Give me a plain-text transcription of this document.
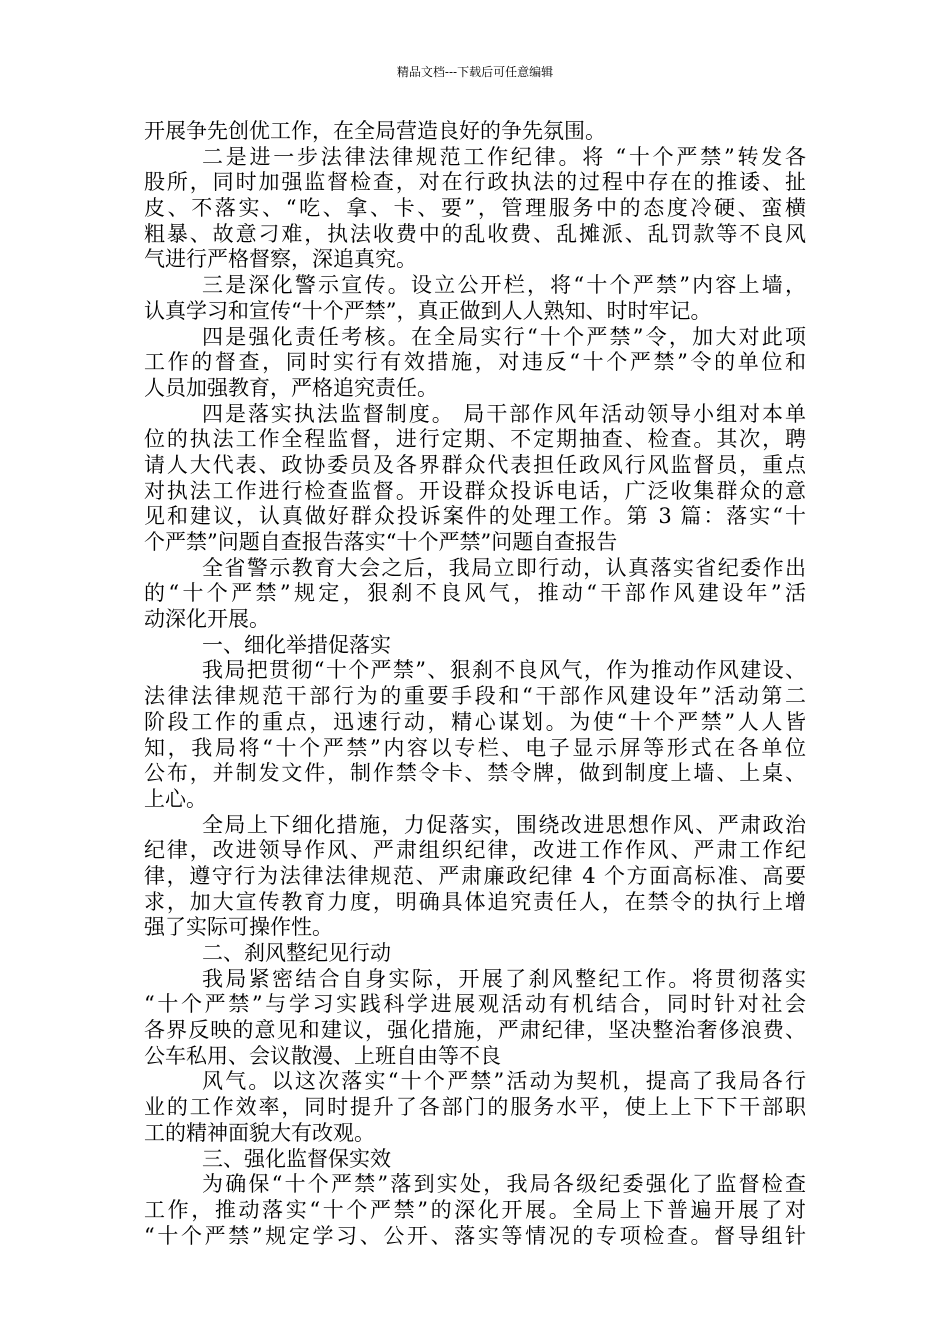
精品文档---下载后可任意编辑
开展争先创优工作，在全局营造良好的争先氛围。
二是进一步法律法律规范工作纪律。将 “十个严禁”转发各
股所，同时加强监督检查，对在行政执法的过程中存在的推诿、扯
皮、不落实、“吃、拿、卡、要”，管理服务中的态度冷硬、蛮横
粗暴、故意刁难，执法收费中的乱收费、乱摊派、乱罚款等不良风
气进行严格督察，深追真究。
三是深化警示宣传。设立公开栏，将“十个严禁”内容上墙，
认真学习和宣传“十个严禁”，真正做到人人熟知、时时牢记。
四是强化责任考核。在全局实行“十个严禁”令，加大对此项
工作的督查，同时实行有效措施，对违反“十个严禁”令的单位和
人员加强教育，严格追究责任。
四是落实执法监督制度。 局干部作风年活动领导小组对本单
位的执法工作全程监督，进行定期、不定期抽查、检查。其次，聘
请人大代表、政协委员及各界群众代表担任政风行风监督员，重点
对执法工作进行检查监督。开设群众投诉电话，广泛收集群众的意
见和建议，认真做好群众投诉案件的处理工作。第 3 篇：落实“十
个严禁”问题自查报告落实“十个严禁”问题自查报告
全省警示教育大会之后，我局立即行动，认真落实省纪委作出
的“十个严禁”规定，狠刹不良风气，推动“干部作风建设年”活
动深化开展。
一、细化举措促落实
我局把贯彻“十个严禁”、狠刹不良风气，作为推动作风建设、
法律法律规范干部行为的重要手段和“干部作风建设年”活动第二
阶段工作的重点，迅速行动，精心谋划。为使“十个严禁”人人皆
知，我局将“十个严禁”内容以专栏、电子显示屏等形式在各单位
公布，并制发文件，制作禁令卡、禁令牌，做到制度上墙、上桌、
上心。
全局上下细化措施，力促落实，围绕改进思想作风、严肃政治
纪律，改进领导作风、严肃组织纪律，改进工作作风、严肃工作纪
律，遵守行为法律法律规范、严肃廉政纪律 4 个方面高标准、高要
求，加大宣传教育力度，明确具体追究责任人，在禁令的执行上增
强了实际可操作性。
二、刹风整纪见行动
我局紧密结合自身实际，开展了刹风整纪工作。将贯彻落实
“十个严禁”与学习实践科学进展观活动有机结合，同时针对社会
各界反映的意见和建议，强化措施，严肃纪律，坚决整治奢侈浪费、
公车私用、会议散漫、上班自由等不良
风气。以这次落实“十个严禁”活动为契机，提高了我局各行
业的工作效率，同时提升了各部门的服务水平，使上上下下干部职
工的精神面貌大有改观。
三、强化监督保实效
为确保“十个严禁”落到实处，我局各级纪委强化了监督检查
工作，推动落实“十个严禁”的深化开展。全局上下普遍开展了对
“十个严禁”规定学习、公开、落实等情况的专项检查。督导组针
